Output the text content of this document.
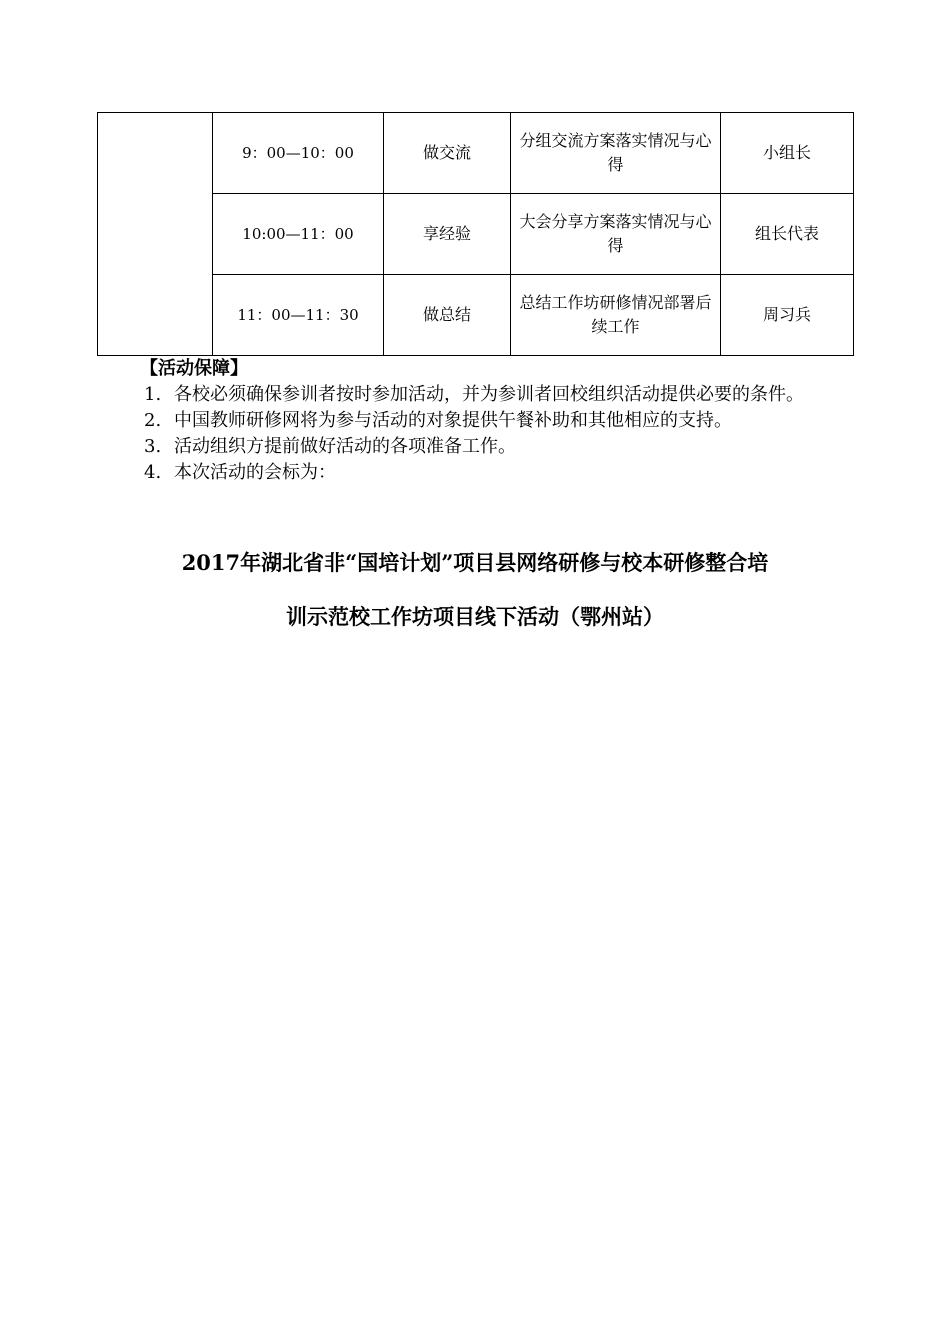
	9：00—10：00	做交流	分组交流方案落实情况与心得	小组长
	10:00—11：00	享经验	大会分享方案落实情况与心得	组长代表
	11：00—11：30	做总结	总结工作坊研修情况部署后续工作	周习兵
【活动保障】
1. 各校必须确保参训者按时参加活动，并为参训者回校组织活动提供必要的条件。
2. 中国教师研修网将为参与活动的对象提供午餐补助和其他相应的支持。
3. 活动组织方提前做好活动的各项准备工作。
4. 本次活动的会标为：
2017年湖北省非“国培计划”项目县网络研修与校本研修整合培
训示范校工作坊项目线下活动（鄂州站）
